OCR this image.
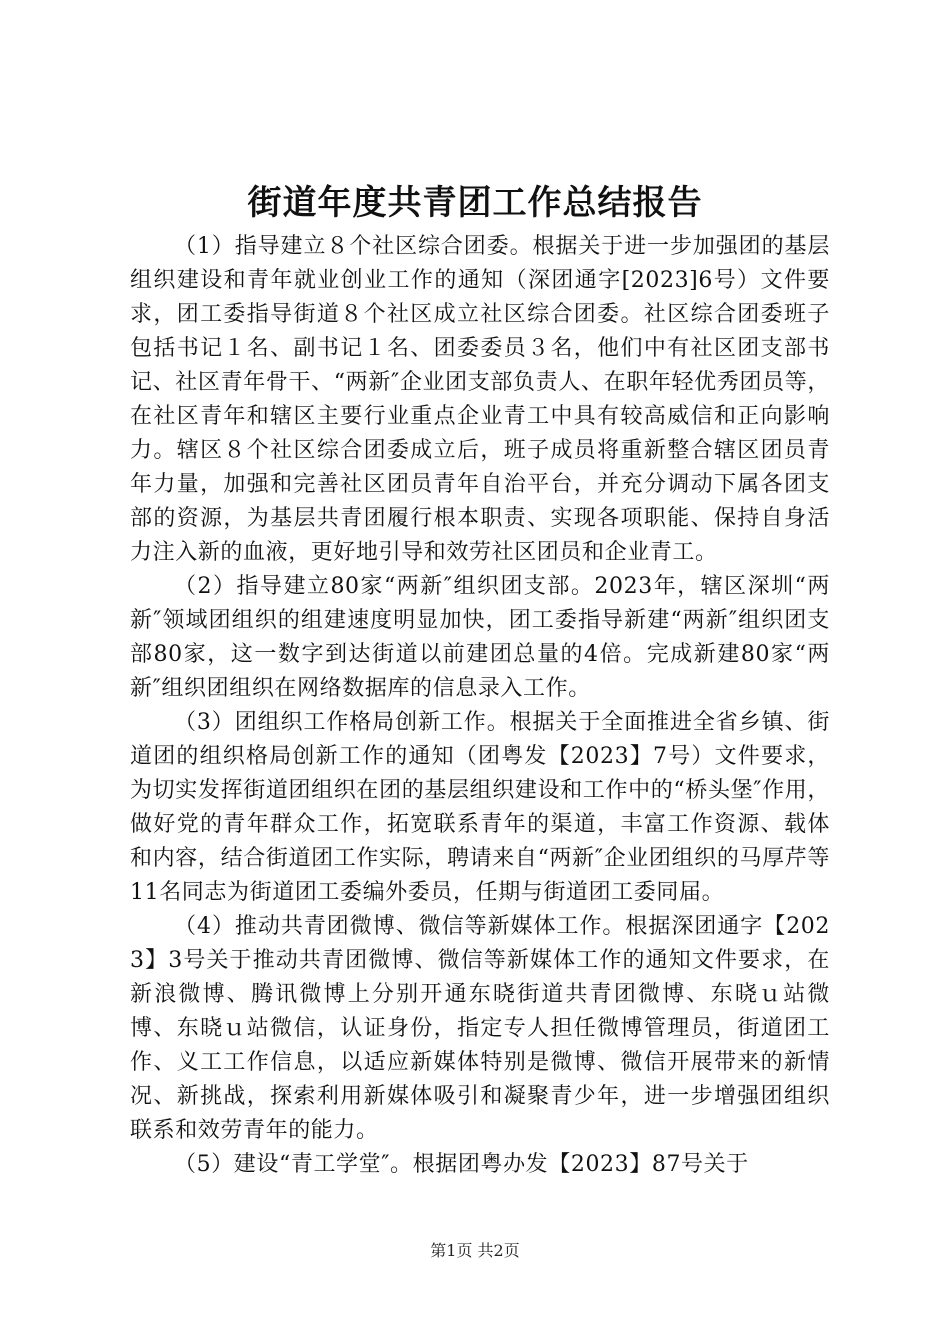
街道年度共青团工作总结报告

（1）指导建立８个社区综合团委。根据关于进一步加强团的基层组织建设和青年就业创业工作的通知（深团通字[2023]6号）文件要求，团工委指导街道８个社区成立社区综合团委。社区综合团委班子包括书记１名、副书记１名、团委委员３名，他们中有社区团支部书记、社区青年骨干、“两新″企业团支部负责人、在职年轻优秀团员等，在社区青年和辖区主要行业重点企业青工中具有较高威信和正向影响力。辖区８个社区综合团委成立后，班子成员将重新整合辖区团员青年力量，加强和完善社区团员青年自治平台，并充分调动下属各团支部的资源，为基层共青团履行根本职责、实现各项职能、保持自身活力注入新的血液，更好地引导和效劳社区团员和企业青工。

（2）指导建立80家“两新″组织团支部。2023年，辖区深圳“两新″领域团组织的组建速度明显加快，团工委指导新建“两新″组织团支部80家，这一数字到达街道以前建团总量的4倍。完成新建80家“两新″组织团组织在网络数据库的信息录入工作。

（3）团组织工作格局创新工作。根据关于全面推进全省乡镇、街道团的组织格局创新工作的通知（团粤发【2023】7号）文件要求，为切实发挥街道团组织在团的基层组织建设和工作中的“桥头堡″作用，做好党的青年群众工作，拓宽联系青年的渠道，丰富工作资源、载体和内容，结合街道团工作实际，聘请来自“两新″企业团组织的马厚芹等11名同志为街道团工委编外委员，任期与街道团工委同届。

（4）推动共青团微博、微信等新媒体工作。根据深团通字【2023】3号关于推动共青团微博、微信等新媒体工作的通知文件要求，在新浪微博、腾讯微博上分别开通东晓街道共青团微博、东晓ｕ站微博、东晓ｕ站微信，认证身份，指定专人担任微博管理员，街道团工作、义工工作信息，以适应新媒体特别是微博、微信开展带来的新情况、新挑战，探索利用新媒体吸引和凝聚青少年，进一步增强团组织联系和效劳青年的能力。

（5）建设“青工学堂″。根据团粤办发【2023】87号关于

第1页 共2页
